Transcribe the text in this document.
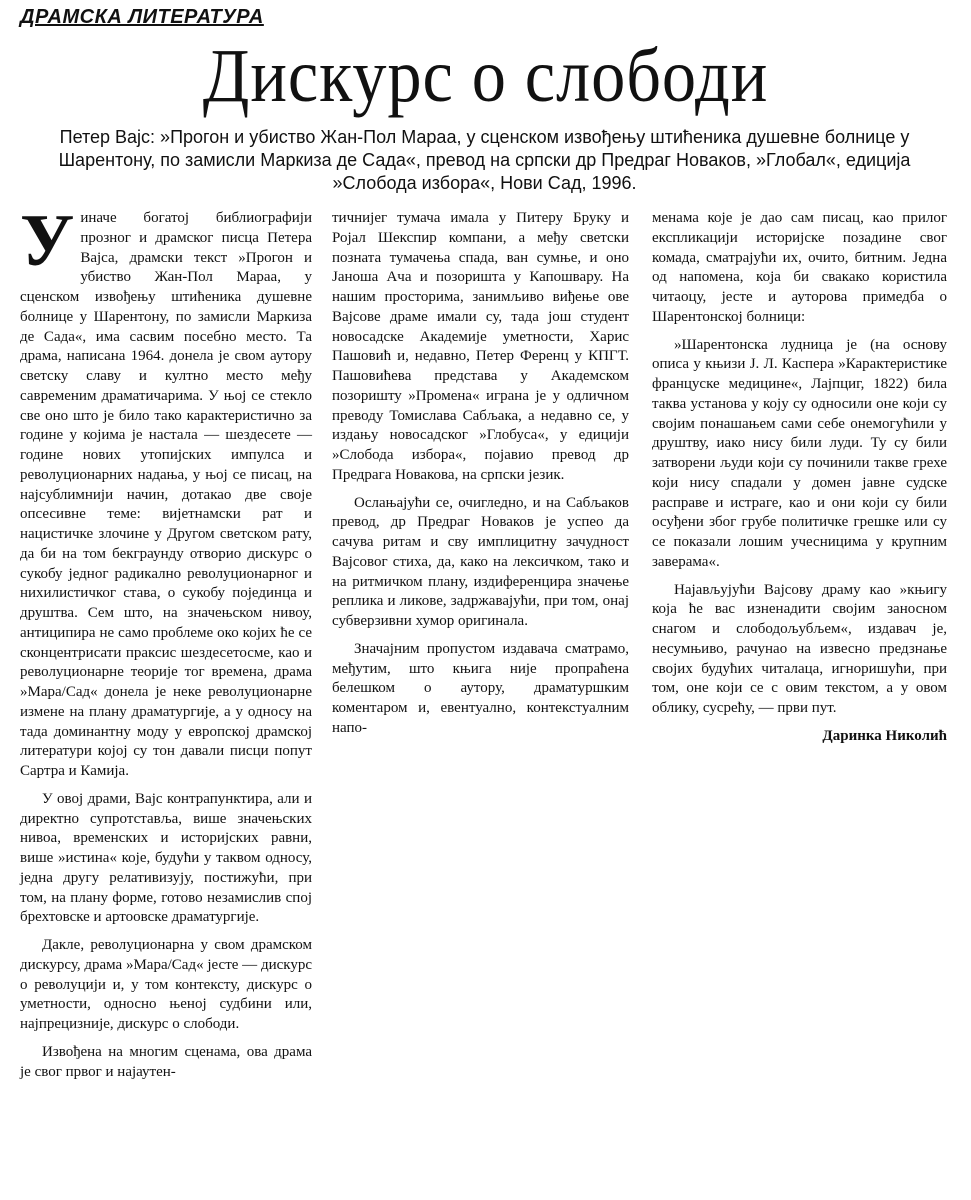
ДРАМСКА ЛИТЕРАТУРА
Дискурс о слободи
Петер Вајс: »Прогон и убиство Жан-Пол Мараа, у сценском извођењу штићеника душевне болнице у Шарентону, по замисли Маркиза де Сада«, превод на српски др Предраг Новаков, »Глобал«, едиција »Слобода избора«, Нови Сад, 1996.

Уиначе богатој библиографији прозног и драмског писца Петера Вајса, драмски текст »Прогон и убиство Жан-Пол Мараа, у сценском извођењу штићеника душевне болнице у Шарентону, по замисли Маркиза де Сада«, има сасвим посебно место. Та драма, написана 1964. донела је свом аутору светску славу и култно место међу савременим драматичарима. У њој се стекло све оно што је било тако карактеристично за године у којима је настала — шездесете — године нових утопијских импулса и револуционарних надања, у њој се писац, на најсублимнији начин, дотакао две своје опсесивне теме: вијетнамски рат и нацистичке злочине у Другом светском рату, да би на том бекграунду отворио дискурс о сукобу једног радикално револуционарног и нихилистичког става, о сукобу појединца и друштва. Сем што, на значењском нивоу, антиципира не само проблеме око којих ће се сконцентрисати праксис шездесетосме, као и револуционарне теорије тог времена, драма »Мара/Сад« донела је неке револуционарне измене на плану драматургије, а у односу на тада доминантну моду у европској драмској литератури којој су тон давали писци попут Сартра и Камија.

У овој драми, Вајс контрапунктира, али и директно супротстављa, више значењских нивоа, временских и историјских равни, више »истина« које, будући у таквом односу, једна другу релативизују, постижући, при том, на плану форме, готово незамислив спој брехтовске и артоовске драматургије.

Дакле, револуционарна у свом драмском дискурсу, драма »Мара/Сад« јесте — дискурс о револуцији и, у том контексту, дискурс о уметности, односно њеној судбини или, најпрецизније, дискурс о слободи.

Извођена на многим сценама, ова драма је свог првог и најаутен-

тичнијег тумача имала у Питеру Бруку и Ројал Шекспир компани, а међу светски позната тумачења спада, ван сумње, и оно Јаноша Ача и позоришта у Капошвару. На нашим просторима, занимљиво виђење ове Вајсове драме имали су, тада још студент новосадске Академије уметности, Харис Пашовић и, недавно, Петер Ференц у КПГТ. Пашовићева представа у Академском позоришту »Промена« играна је у одличном преводу Томислава Сабљака, а недавно се, у издању новосадског »Глобуса«, у едицији »Слобода избора«, појавио превод др Предрага Новакова, на српски језик.

Ослањајући се, очигледно, и на Сабљаков превод, др Предраг Новаков је успео да сачува ритам и сву имплицитну зачудност Вајсовог стиха, да, како на лексичком, тако и на ритмичком плану, издиференцира значење реплика и ликове, задржавајући, при том, онај субверзивни хумор оригинала.

Значајним пропустом издавача сматрамо, међутим, што књига није пропраћена белешком о аутору, драматуршким коментаром и, евентуално, контекстуалним напо-

менама које је дао сам писац, као прилог експликацији историјске позадине свог комада, сматрајући их, очито, битним. Једна од напомена, која би свакако користила читаоцу, јесте и ауторова примедба о Шарентонској болници:

»Шарентонска лудница је (на основу описа у књизи Ј. Л. Каспера »Карактеристике француске медицине«, Лајпциг, 1822) била таква установа у коју су односили оне који су својим понашањем сами себе онемогућили у друштву, иако нису били луди. Ту су били затворени људи који су починили такве грехе који нису спадали у домен јавне судске расправе и истраге, као и они који су били осуђени због грубе политичке грешке или су се показали лошим учесницима у крупним заверама«.

Најављујући Вајсову драму као »књигу која ће вас изненадити својим заносном снагом и слободољубљем«, издавач је, несумњиво, рачунао на извесно предзнање својих будућих читалаца, игноришући, при том, оне који се с овим текстом, а у овом облику, сусрећу, — први пут.

Даринка Николић
